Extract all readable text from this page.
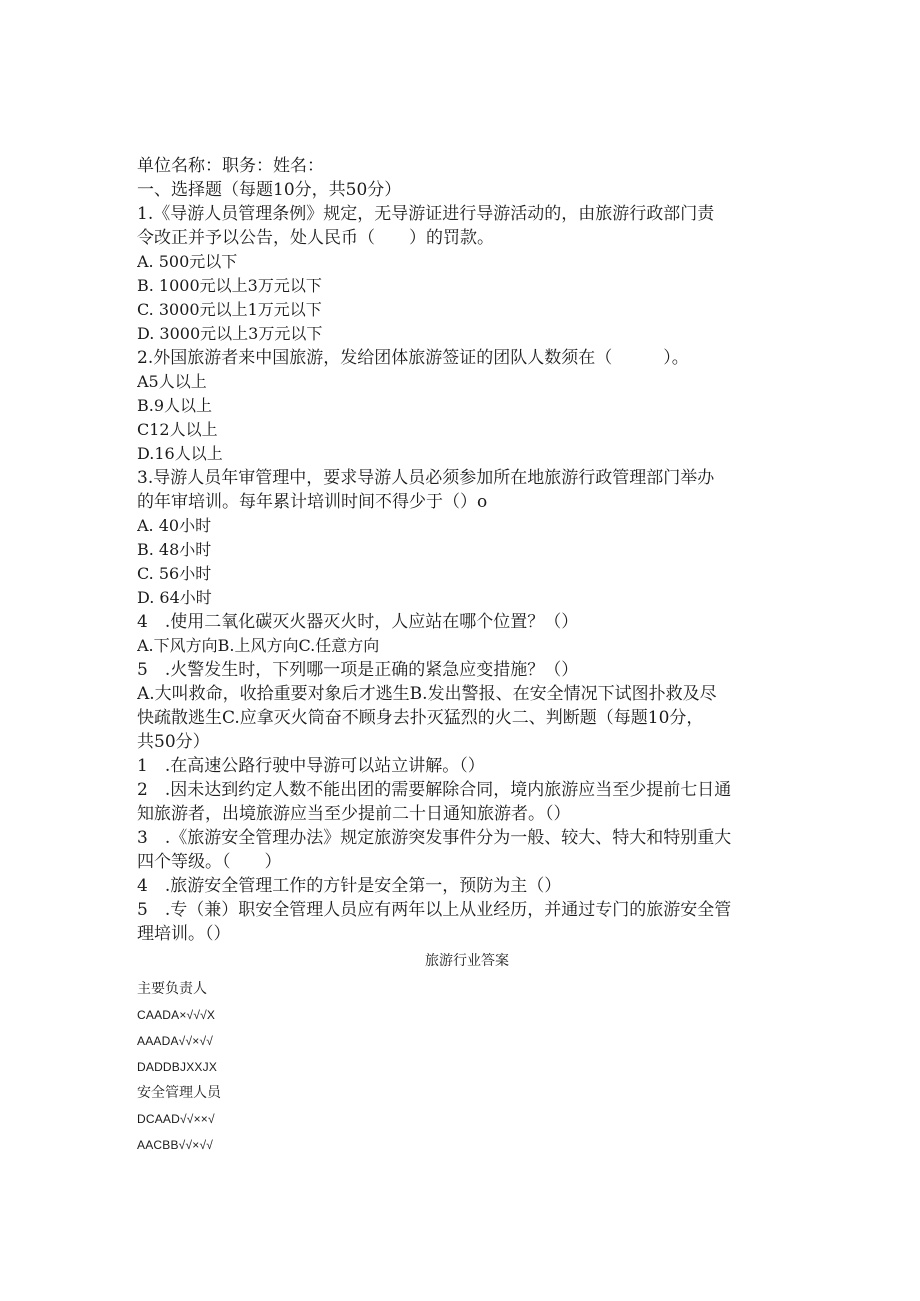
单位名称：职务：姓名：
一、选择题（每题10分，共50分）
1.《导游人员管理条例》规定，无导游证进行导游活动的，由旅游行政部门责
令改正并予以公告，处人民币（　　）的罚款。
A. 500元以下
B. 1000元以上3万元以下
C. 3000元以上1万元以下
D. 3000元以上3万元以下
2.外国旅游者来中国旅游，发给团体旅游签证的团队人数须在（　　　）。
A5人以上
B.9人以上
C12人以上
D.16人以上
3.导游人员年审管理中，要求导游人员必须参加所在地旅游行政管理部门举办
的年审培训。每年累计培训时间不得少于（）o
A. 40小时
B. 48小时
C. 56小时
D. 64小时
4　.使用二氧化碳灭火器灭火时，人应站在哪个位置？（）
A.下风方向B.上风方向C.任意方向
5　.火警发生时，下列哪一项是正确的紧急应变措施？（）
A.大叫救命，收拾重要对象后才逃生B.发出警报、在安全情况下试图扑救及尽
快疏散逃生C.应拿灭火筒奋不顾身去扑灭猛烈的火二、判断题（每题10分，
共50分）
1　.在高速公路行驶中导游可以站立讲解。（）
2　.因未达到约定人数不能出团的需要解除合同，境内旅游应当至少提前七日通
知旅游者，出境旅游应当至少提前二十日通知旅游者。（）
3　.《旅游安全管理办法》规定旅游突发事件分为一般、较大、特大和特别重大
四个等级。（　　）
4　.旅游安全管理工作的方针是安全第一，预防为主（）
5　.专（兼）职安全管理人员应有两年以上从业经历，并通过专门的旅游安全管
理培训。（）
旅游行业答案
主要负责人
CAADA×√√√X
AAADA√√×√√
DADDBJXXJX
安全管理人员
DCAAD√√××√
AACBB√√×√√
